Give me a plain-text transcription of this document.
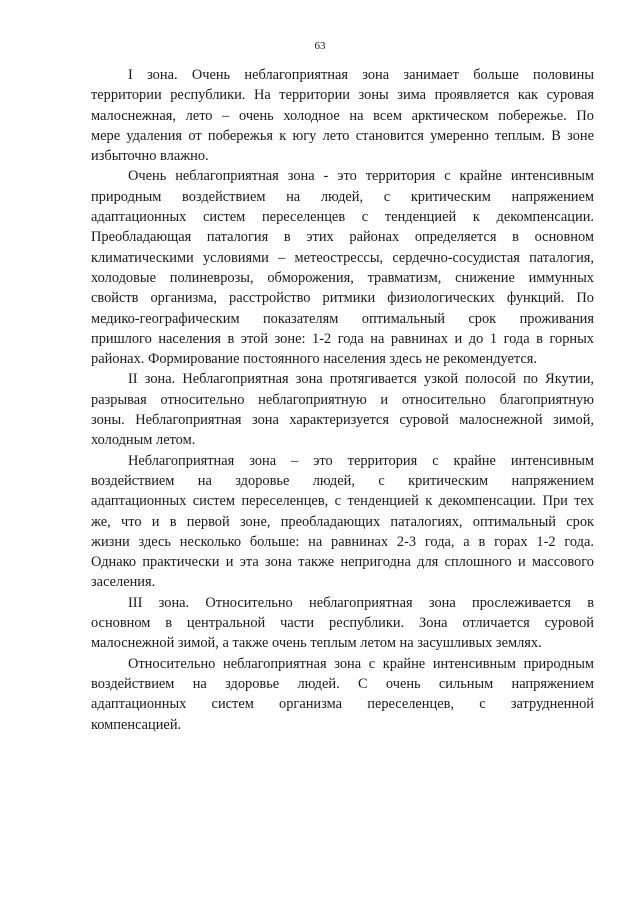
63
I зона. Очень неблагоприятная зона занимает больше половины
территории республики. На территории зоны зима проявляется как суровая
малоснежная, лето – очень холодное на всем арктическом побережье. По
мере удаления от побережья к югу лето становится умеренно теплым. В зоне
избыточно влажно.
Очень неблагоприятная зона - это территория с крайне интенсивным
природным воздействием на людей, с критическим напряжением
адаптационных систем переселенцев с тенденцией к декомпенсации.
Преобладающая паталогия в этих районах определяется в основном
климатическими условиями – метеострессы, сердечно-сосудистая паталогия,
холодовые полиневрозы, обморожения, травматизм, снижение иммунных
свойств организма, расстройство ритмики физиологических функций. По
медико-географическим показателям оптимальный срок проживания
пришлого населения в этой зоне: 1-2 года на равнинах и до 1 года в горных
районах. Формирование постоянного населения здесь не рекомендуется.
II зона. Неблагоприятная зона протягивается узкой полосой по Якутии,
разрывая относительно неблагоприятную и относительно благоприятную
зоны. Неблагоприятная зона характеризуется суровой малоснежной зимой,
холодным летом.
Неблагоприятная зона – это территория с крайне интенсивным
воздействием на здоровье людей, с критическим напряжением
адаптационных систем переселенцев, с тенденцией к декомпенсации. При тех
же, что и в первой зоне, преобладающих паталогиях, оптимальный срок
жизни здесь несколько больше: на равнинах 2-3 года, а в горах 1-2 года.
Однако практически и эта зона также непригодна для сплошного и массового
заселения.
III зона. Относительно неблагоприятная зона прослеживается в
основном в центральной части республики. Зона отличается суровой
малоснежной зимой, а также очень теплым летом на засушливых землях.
Относительно неблагоприятная зона с крайне интенсивным природным
воздействием на здоровье людей. С очень сильным напряжением
адаптационных систем организма переселенцев, с затрудненной
компенсацией.
